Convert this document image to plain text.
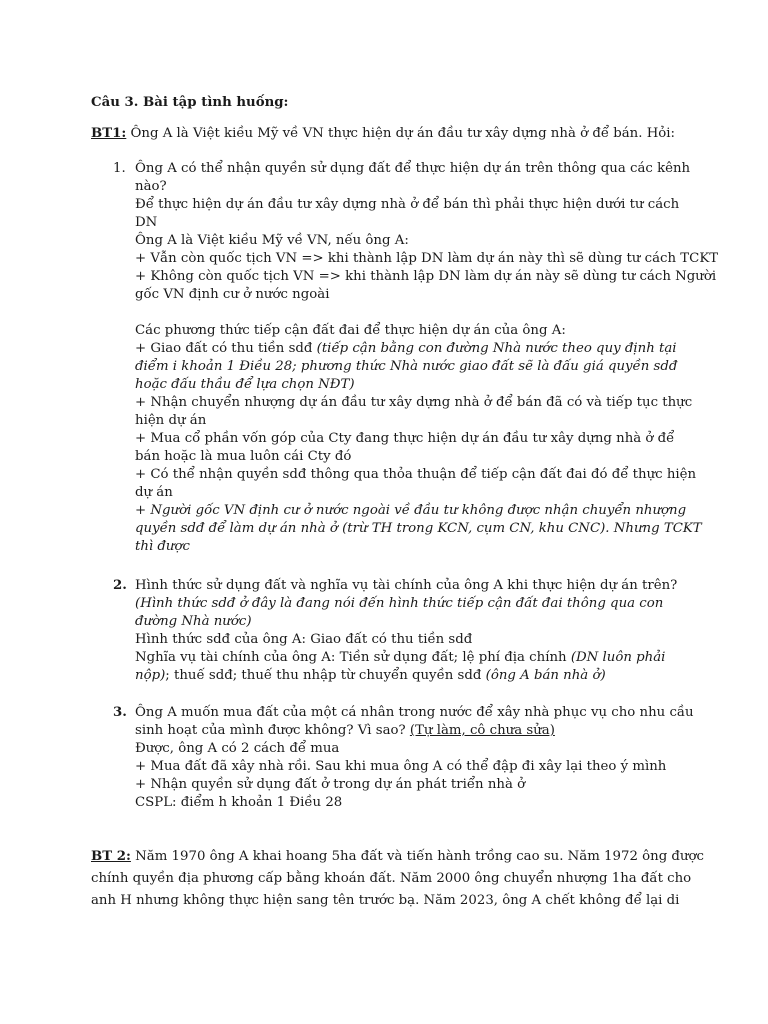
Câu 3. Bài tập tình huống:
BT1: Ông A là Việt kiều Mỹ về VN thực hiện dự án đầu tư xây dựng nhà ở để bán. Hỏi:
1. Ông A có thể nhận quyền sử dụng đất để thực hiện dự án trên thông qua các kênh
nào?
Để thực hiện dự án đầu tư xây dựng nhà ở để bán thì phải thực hiện dưới tư cách
DN
Ông A là Việt kiều Mỹ về VN, nếu ông A:
+ Vẫn còn quốc tịch VN => khi thành lập DN làm dự án này thì sẽ dùng tư cách TCKT
+ Không còn quốc tịch VN => khi thành lập DN làm dự án này sẽ dùng tư cách Người
gốc VN định cư ở nước ngoài

Các phương thức tiếp cận đất đai để thực hiện dự án của ông A:
+ Giao đất có thu tiền sdđ (tiếp cận bằng con đường Nhà nước theo quy định tại
điểm i khoản 1 Điều 28; phương thức Nhà nước giao đất sẽ là đấu giá quyền sdđ
hoặc đấu thầu để lựa chọn NĐT)
+ Nhận chuyển nhượng dự án đầu tư xây dựng nhà ở để bán đã có và tiếp tục thực
hiện dự án
+ Mua cổ phần vốn góp của Cty đang thực hiện dự án đầu tư xây dựng nhà ở để
bán hoặc là mua luôn cái Cty đó
+ Có thể nhận quyền sdđ thông qua thỏa thuận để tiếp cận đất đai đó để thực hiện
dự án
+ Người gốc VN định cư ở nước ngoài về đầu tư không được nhận chuyển nhượng
quyền sdđ để làm dự án nhà ở (trừ TH trong KCN, cụm CN, khu CNC). Nhưng TCKT
thì được
2. Hình thức sử dụng đất và nghĩa vụ tài chính của ông A khi thực hiện dự án trên?
(Hình thức sdđ ở đây là đang nói đến hình thức tiếp cận đất đai thông qua con
đường Nhà nước)
Hình thức sdđ của ông A: Giao đất có thu tiền sdđ
Nghĩa vụ tài chính của ông A: Tiền sử dụng đất; lệ phí địa chính (DN luôn phải
nộp); thuế sdđ; thuế thu nhập từ chuyển quyền sdđ (ông A bán nhà ở)
3. Ông A muốn mua đất của một cá nhân trong nước để xây nhà phục vụ cho nhu cầu
sinh hoạt của mình được không? Vì sao? (Tự làm, cô chưa sửa)
Được, ông A có 2 cách để mua
+ Mua đất đã xây nhà rồi. Sau khi mua ông A có thể đập đi xây lại theo ý mình
+ Nhận quyền sử dụng đất ở trong dự án phát triển nhà ở
CSPL: điểm h khoản 1 Điều 28
BT 2: Năm 1970 ông A khai hoang 5ha đất và tiến hành trồng cao su. Năm 1972 ông được
chính quyền địa phương cấp bằng khoán đất. Năm 2000 ông chuyển nhượng 1ha đất cho
anh H nhưng không thực hiện sang tên trước bạ. Năm 2023, ông A chết không để lại di
